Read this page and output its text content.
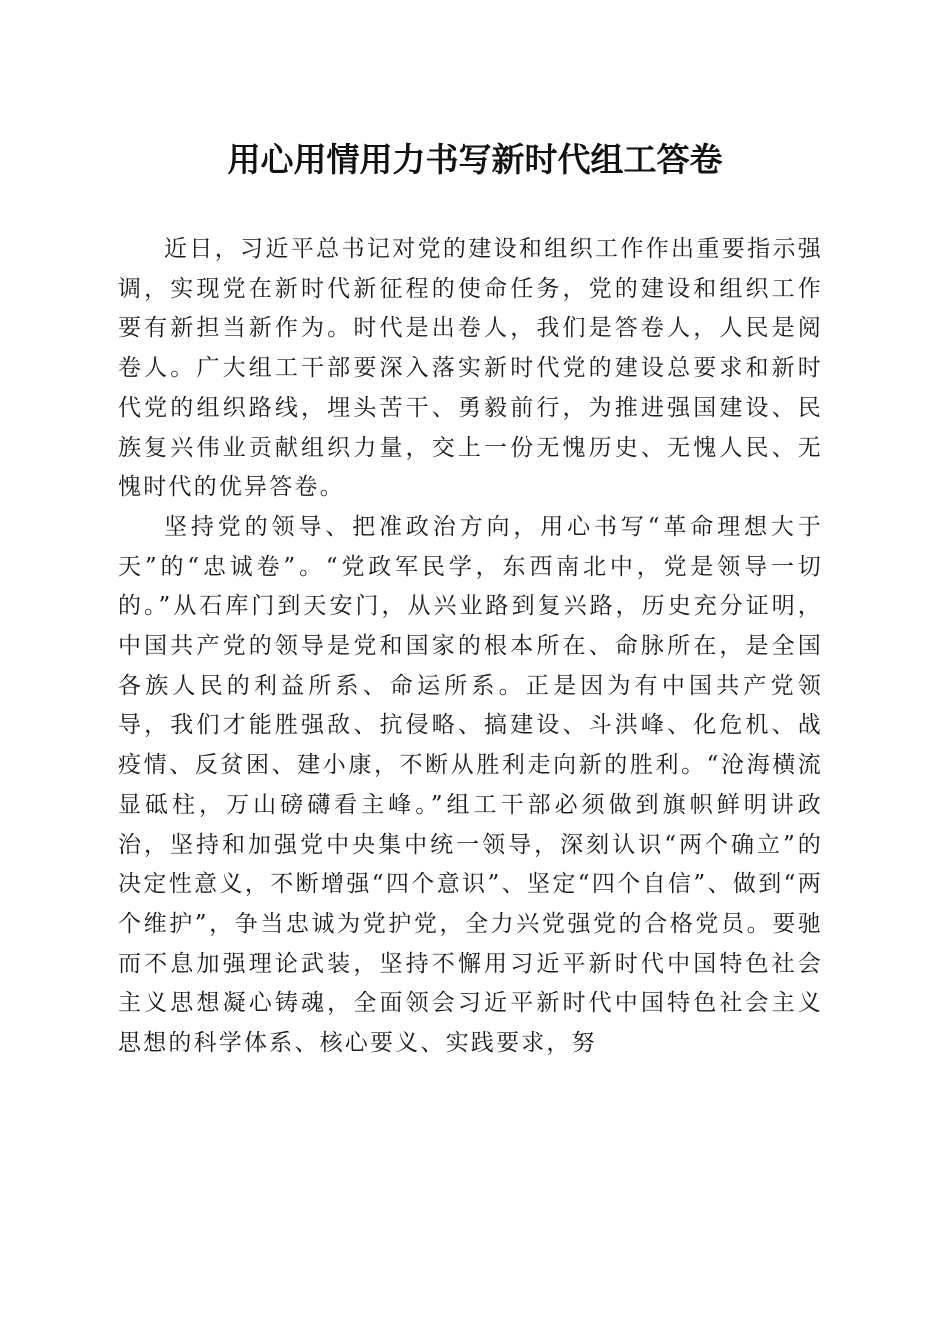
用心用情用力书写新时代组工答卷

近日，习近平总书记对党的建设和组织工作作出重要指示强调，实现党在新时代新征程的使命任务，党的建设和组织工作要有新担当新作为。时代是出卷人，我们是答卷人，人民是阅卷人。广大组工干部要深入落实新时代党的建设总要求和新时代党的组织路线，埋头苦干、勇毅前行，为推进强国建设、民族复兴伟业贡献组织力量，交上一份无愧历史、无愧人民、无愧时代的优异答卷。

坚持党的领导、把准政治方向，用心书写“革命理想大于天”的“忠诚卷”。“党政军民学，东西南北中，党是领导一切的。”从石库门到天安门，从兴业路到复兴路，历史充分证明，中国共产党的领导是党和国家的根本所在、命脉所在，是全国各族人民的利益所系、命运所系。正是因为有中国共产党领导，我们才能胜强敌、抗侵略、搞建设、斗洪峰、化危机、战疫情、反贫困、建小康，不断从胜利走向新的胜利。“沧海横流显砥柱，万山磅礴看主峰。”组工干部必须做到旗帜鲜明讲政治，坚持和加强党中央集中统一领导，深刻认识“两个确立”的决定性意义，不断增强“四个意识”、坚定“四个自信”、做到“两个维护”，争当忠诚为党护党，全力兴党强党的合格党员。要驰而不息加强理论武装，坚持不懈用习近平新时代中国特色社会主义思想凝心铸魂，全面领会习近平新时代中国特色社会主义思想的科学体系、核心要义、实践要求，努
